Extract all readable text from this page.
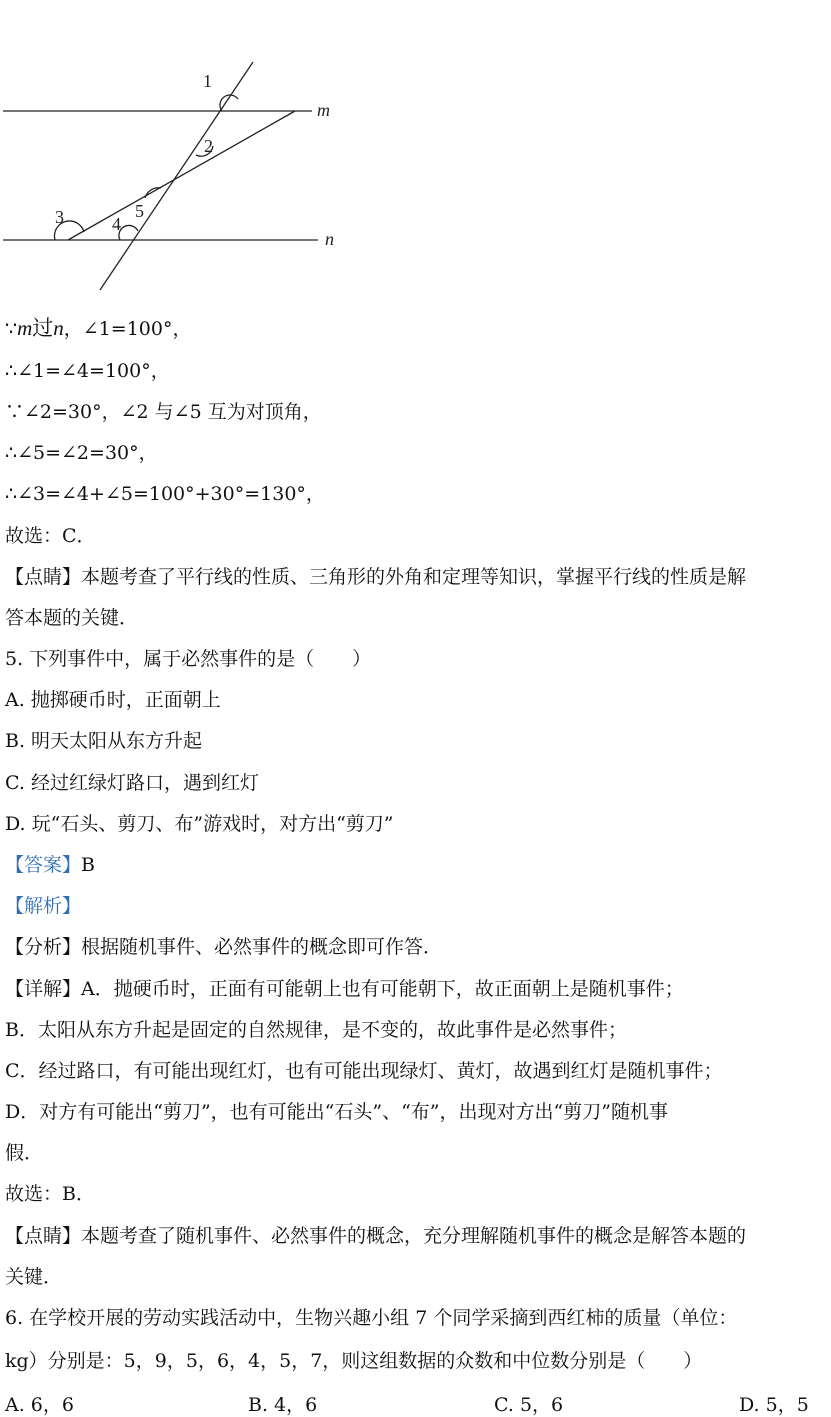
1
2
3	4
5
m
n
∵m过n，∠1=100°，
∴∠1=∠4=100°，
∵∠2=30°，∠2 与∠5 互为对顶角，
∴∠5=∠2=30°，
∴∠3=∠4+∠5=100°+30°=130°，
故选：C．
【点睛】本题考查了平行线的性质、三角形的外角和定理等知识，掌握平行线的性质是解
答本题的关键．
5. 下列事件中，属于必然事件的是（　　）
A. 抛掷硬币时，正面朝上
B. 明天太阳从东方升起
C. 经过红绿灯路口，遇到红灯
D. 玩“石头、剪刀、布”游戏时，对方出“剪刀”
【答案】B
【解析】
【分析】根据随机事件、必然事件的概念即可作答．
【详解】A．抛硬币时，正面有可能朝上也有可能朝下，故正面朝上是随机事件；
B．太阳从东方升起是固定的自然规律，是不变的，故此事件是必然事件；
C．经过路口，有可能出现红灯，也有可能出现绿灯、黄灯，故遇到红灯是随机事件；
D．对方有可能出“剪刀”，也有可能出“石头”、“布”，出现对方出“剪刀”随机事
假．
故选：B．
【点睛】本题考查了随机事件、必然事件的概念，充分理解随机事件的概念是解答本题的
关键．
6. 在学校开展的劳动实践活动中，生物兴趣小组 7 个同学采摘到西红柿的质量（单位：
kg）分别是：5，9，5，6，4，5，7，则这组数据的众数和中位数分别是（　　）
A. 6，6	B. 4，6	C. 5，6	D. 5，5
